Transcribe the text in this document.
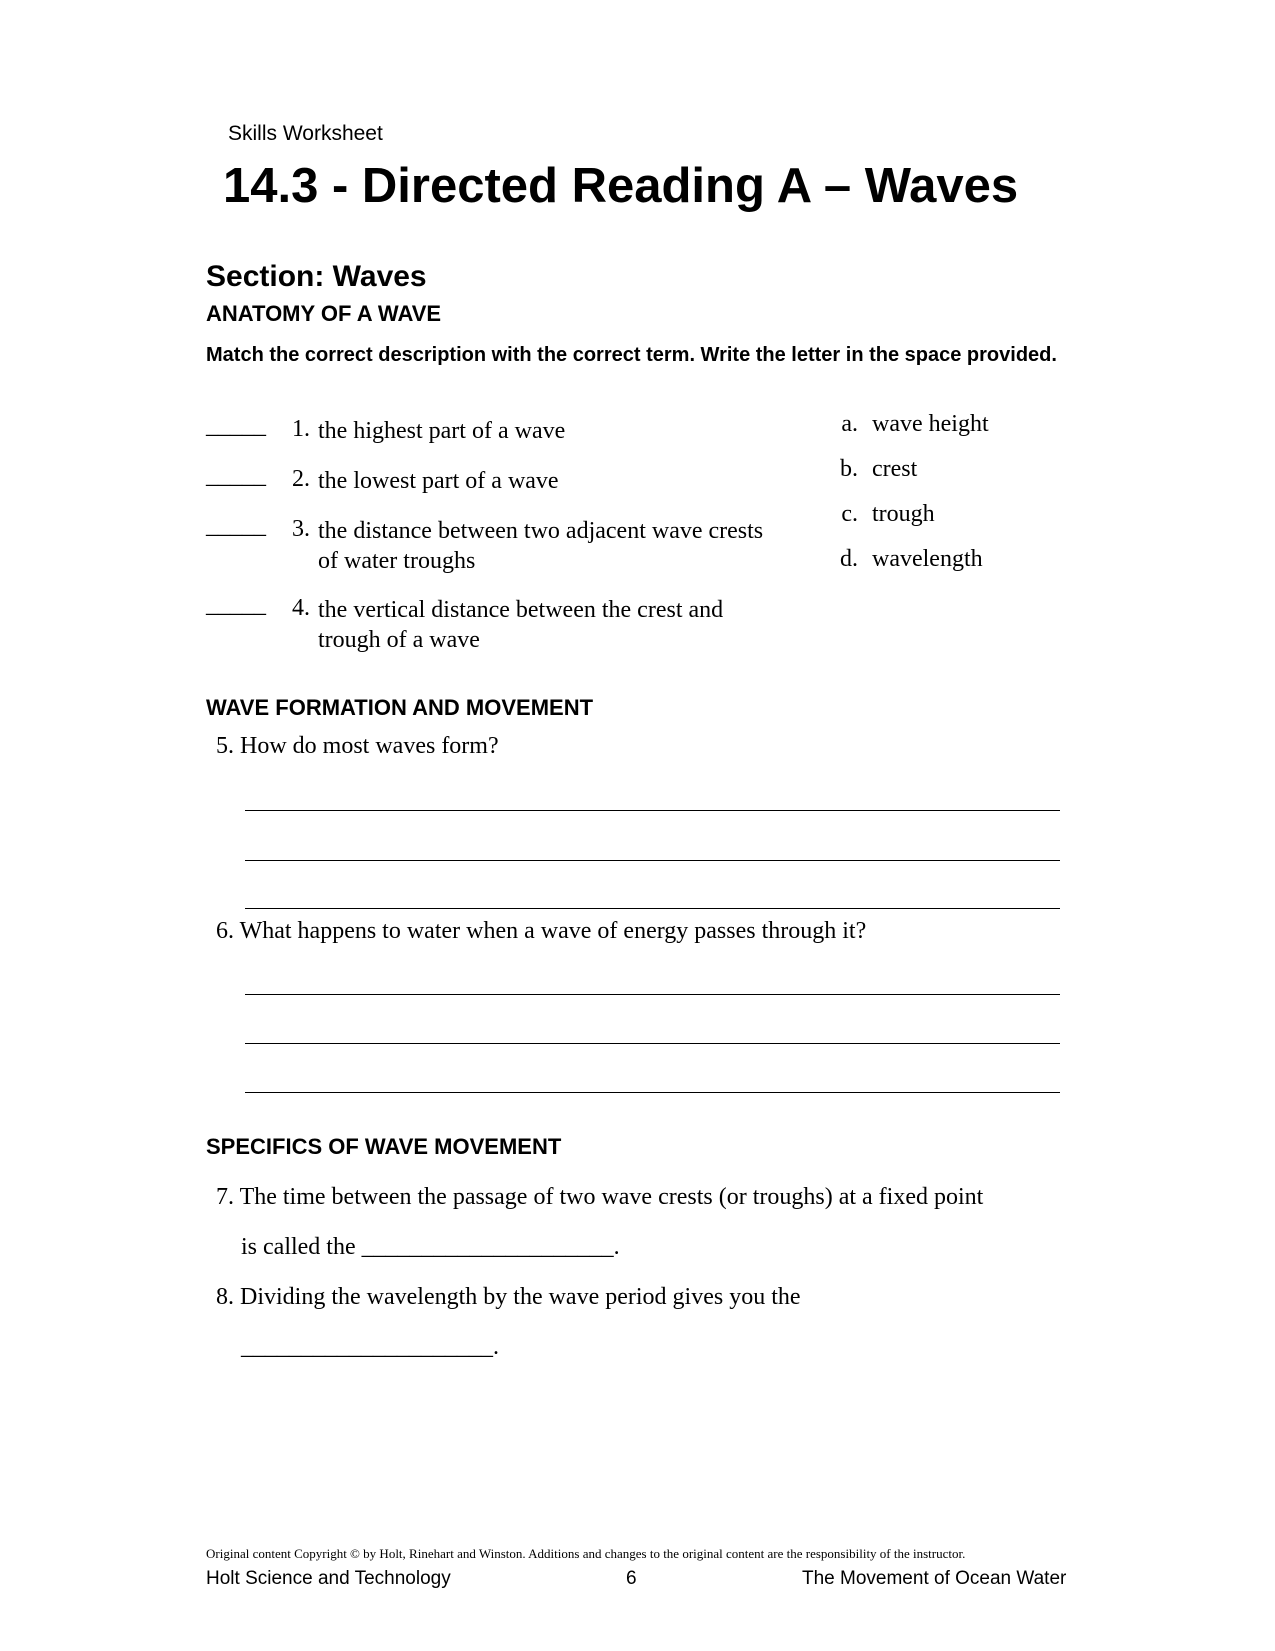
Skills Worksheet
14.3 - Directed Reading A – Waves
Section: Waves
ANATOMY OF A WAVE
Match the correct description with the correct term. Write the letter in the space provided.
_____ 1. the highest part of a wave
_____ 2. the lowest part of a wave
_____ 3. the distance between two adjacent wave crests of water troughs
_____ 4. the vertical distance between the crest and trough of a wave
a. wave height
b. crest
c. trough
d. wavelength
WAVE FORMATION AND MOVEMENT
5. How do most waves form?
6. What happens to water when a wave of energy passes through it?
SPECIFICS OF WAVE MOVEMENT
7. The time between the passage of two wave crests (or troughs) at a fixed point
is called the _____________________.
8. Dividing the wavelength by the wave period gives you the
_____________________.
Original content Copyright © by Holt, Rinehart and Winston. Additions and changes to the original content are the responsibility of the instructor.
Holt Science and Technology	6	The Movement of Ocean Water
